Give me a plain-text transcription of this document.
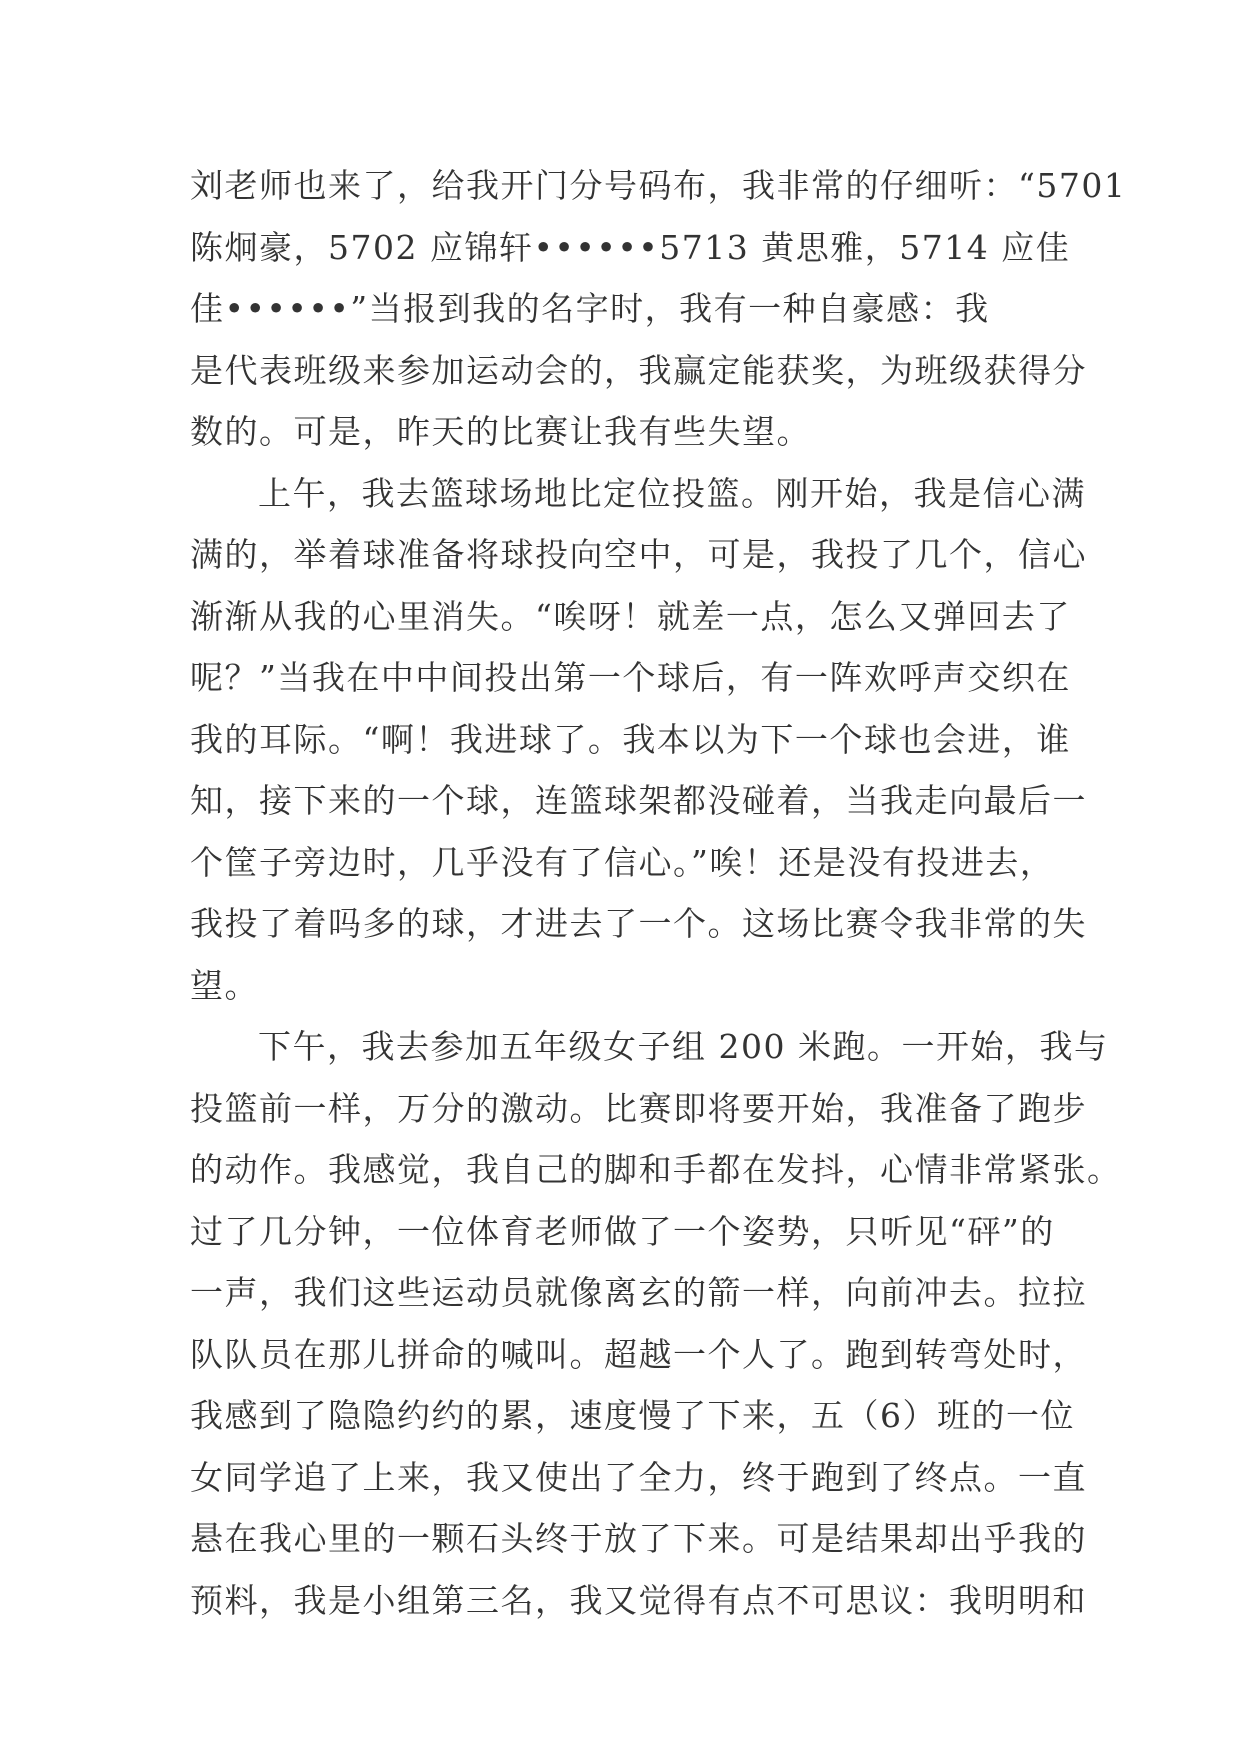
刘老师也来了，给我开门分号码布，我非常的仔细听：“5701
陈炯豪，5702 应锦轩••••••5713 黄思雅，5714 应佳
佳••••••”当报到我的名字时，我有一种自豪感：我
是代表班级来参加运动会的，我赢定能获奖，为班级获得分
数的。可是，昨天的比赛让我有些失望。
上午，我去篮球场地比定位投篮。刚开始，我是信心满
满的，举着球准备将球投向空中，可是，我投了几个，信心
渐渐从我的心里消失。“唉呀！就差一点，怎么又弹回去了
呢？”当我在中中间投出第一个球后，有一阵欢呼声交织在
我的耳际。“啊！我进球了。我本以为下一个球也会进，谁
知，接下来的一个球，连篮球架都没碰着，当我走向最后一
个筐子旁边时，几乎没有了信心。”唉！还是没有投进去，
我投了着吗多的球，才进去了一个。这场比赛令我非常的失
望。
下午，我去参加五年级女子组 200 米跑。一开始，我与
投篮前一样，万分的激动。比赛即将要开始，我准备了跑步
的动作。我感觉，我自己的脚和手都在发抖，心情非常紧张。
过了几分钟，一位体育老师做了一个姿势，只听见“砰”的
一声，我们这些运动员就像离玄的箭一样，向前冲去。拉拉
队队员在那儿拼命的喊叫。超越一个人了。跑到转弯处时，
我感到了隐隐约约的累，速度慢了下来，五（6）班的一位
女同学追了上来，我又使出了全力，终于跑到了终点。一直
悬在我心里的一颗石头终于放了下来。可是结果却出乎我的
预料，我是小组第三名，我又觉得有点不可思议：我明明和
